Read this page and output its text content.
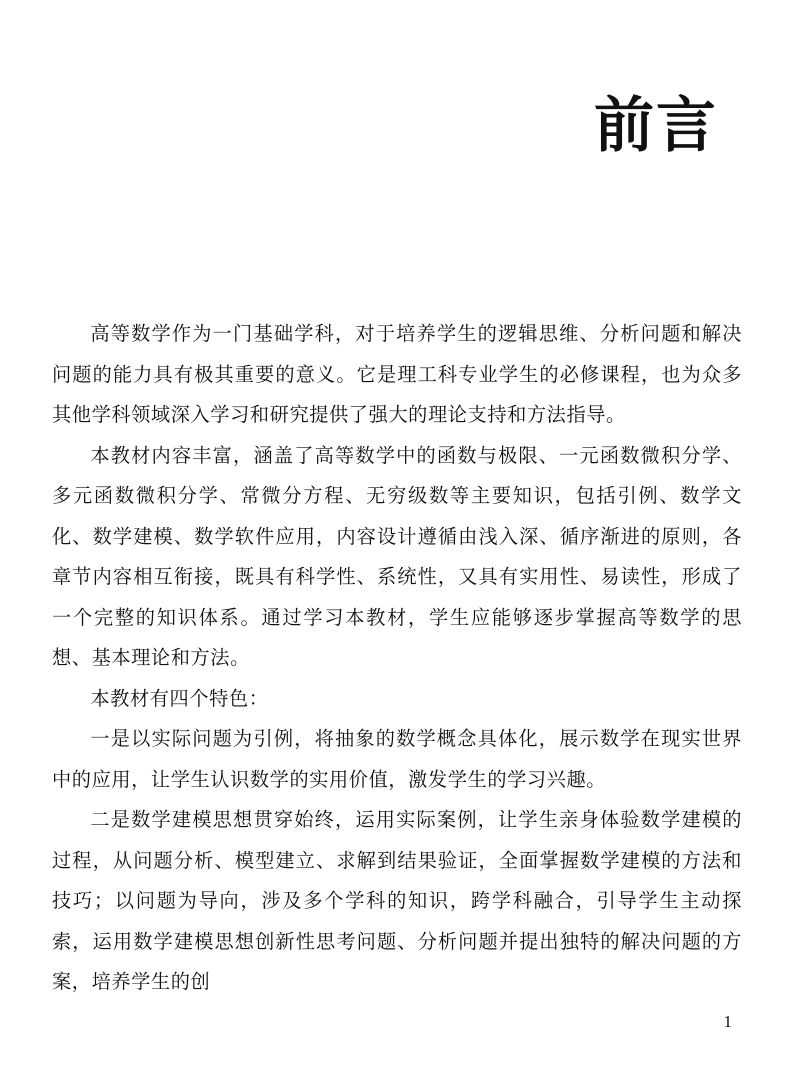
前言

高等数学作为一门基础学科，对于培养学生的逻辑思维、分析问题和解决问题的能力具有极其重要的意义。它是理工科专业学生的必修课程，也为众多其他学科领域深入学习和研究提供了强大的理论支持和方法指导。

本教材内容丰富，涵盖了高等数学中的函数与极限、一元函数微积分学、多元函数微积分学、常微分方程、无穷级数等主要知识，包括引例、数学文化、数学建模、数学软件应用，内容设计遵循由浅入深、循序渐进的原则，各章节内容相互衔接，既具有科学性、系统性，又具有实用性、易读性，形成了一个完整的知识体系。通过学习本教材，学生应能够逐步掌握高等数学的思想、基本理论和方法。

本教材有四个特色：

一是以实际问题为引例，将抽象的数学概念具体化，展示数学在现实世界中的应用，让学生认识数学的实用价值，激发学生的学习兴趣。

二是数学建模思想贯穿始终，运用实际案例，让学生亲身体验数学建模的过程，从问题分析、模型建立、求解到结果验证，全面掌握数学建模的方法和技巧；以问题为导向，涉及多个学科的知识，跨学科融合，引导学生主动探索，运用数学建模思想创新性思考问题、分析问题并提出独特的解决问题的方案，培养学生的创

1
